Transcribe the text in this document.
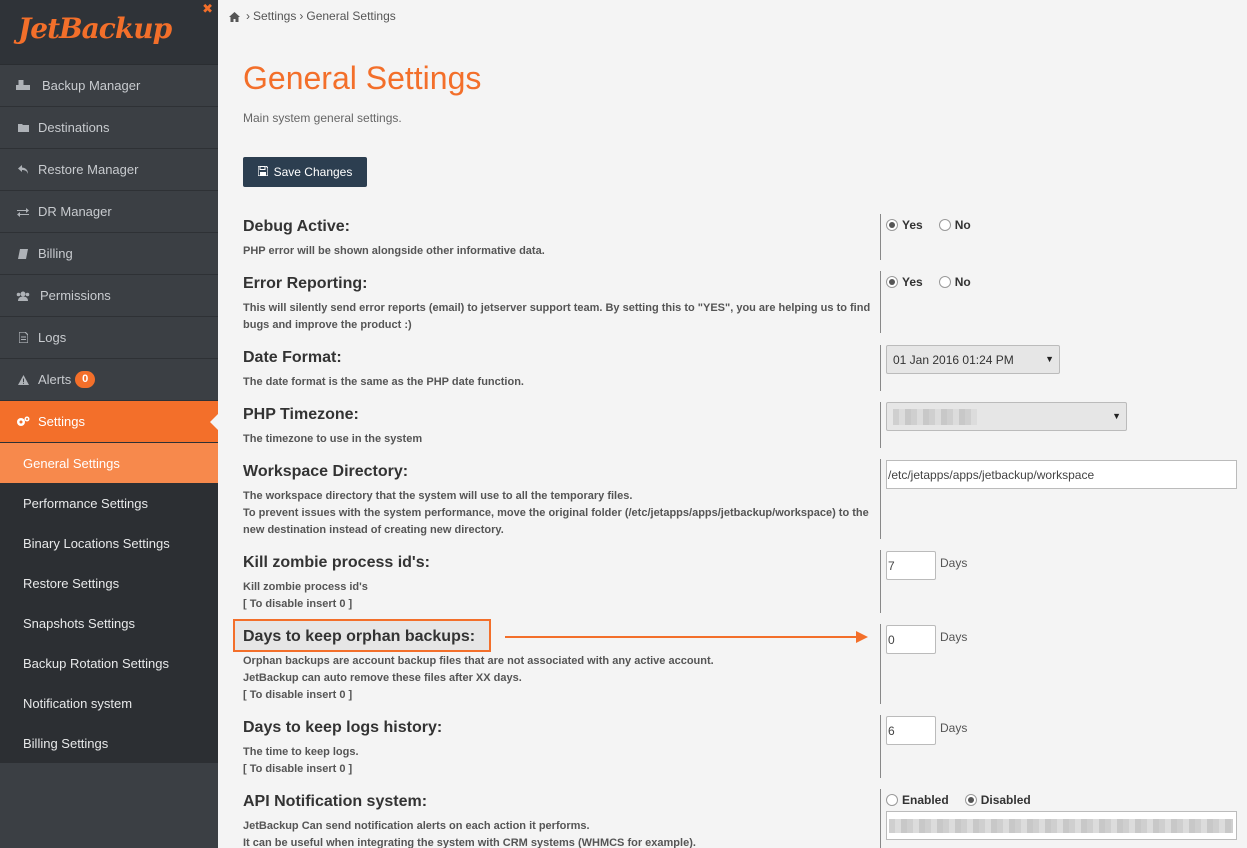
JetBackup
✖
Backup Manager
Destinations
Restore Manager
DR Manager
Billing
Permissions
Logs
Alerts 0
Settings
General Settings
Performance Settings
Binary Locations Settings
Restore Settings
Snapshots Settings
Backup Rotation Settings
Notification system
Billing Settings
› Settings › General Settings
General Settings
Main system general settings.
Save Changes
Debug Active:
PHP error will be shown alongside other informative data.
Yes	No
Error Reporting:
This will silently send error reports (email) to jetserver support team. By setting this to "YES", you are helping us to find bugs and improve the product :)
Yes	No
Date Format:
The date format is the same as the PHP date function.
01 Jan 2016 01:24 PM	▼
PHP Timezone:
The timezone to use in the system
▼
Workspace Directory:
The workspace directory that the system will use to all the temporary files.
To prevent issues with the system performance, move the original folder (/etc/jetapps/apps/jetbackup/workspace) to the new destination instead of creating new directory.
/etc/jetapps/apps/jetbackup/workspace
Kill zombie process id's:
Kill zombie process id's
[ To disable insert 0 ]
7	Days
Days to keep orphan backups:
Orphan backups are account backup files that are not associated with any active account.
JetBackup can auto remove these files after XX days.
[ To disable insert 0 ]
0	Days
Days to keep logs history:
The time to keep logs.
[ To disable insert 0 ]
6	Days
API Notification system:
JetBackup Can send notification alerts on each action it performs.
It can be useful when integrating the system with CRM systems (WHMCS for example).
Enabled	Disabled
